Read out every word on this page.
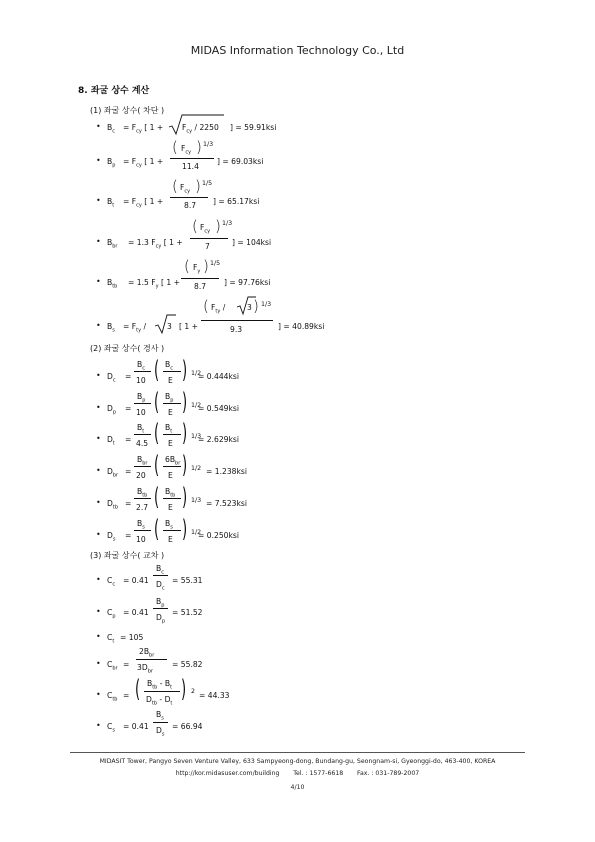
MIDAS Information Technology Co., Ltd
8. 좌굴 상수 계산
(1) 좌굴 상수( 차단 )
• $B_c = F_{cy}$ [ $1 + F_{cy} / 2250$ ] = 59.91ksi
• $B_p = F_{cy}$ [ 1 +
( $F_{cy}$ ) 1/3
11.4
] = 69.03ksi
• $B_t = F_{cy}$ [ 1 +
( $F_{cy}$ ) 1/5
8.7 ] = 65.17ksi
• $B_{br} = 1.3$ $F_{cy}$ [ 1 +
( $F_{cy}$ ) 1/3
7	] = 104ksi
• $B_{tb} = 1.5$ $F_y$ [ 1 +
( $F_y$ ) 1/5
8.7 ] = 97.76ksi
• $B_s = F_{ty}$ /	3 [ 1 +
( $F_{ty}$ /	3 ) 1/3
9.3	] = 40.89ksi
(2) 좌굴 상수( 경사 )
• $D_c$ =
$B_c$
10 ( $B_c$
E ) 1/2
= 0.444ksi
• $D_p$ =
$B_p$
10 ( $B_p$
E ) 1/2
= 0.549ksi
• $D_t$ =
$B_t$
4.5 ( $B_t$
E ) 1/3
= 2.629ksi
• $D_{br}$ =
$B_{br}$
20 ( $6B_{br}$
E ) 1/2 = 1.238ksi
• $D_{tb}$ =
$B_{tb}$
2.7 ( $B_{tb}$
E ) 1/3 = 7.523ksi
• $D_s$ =
$B_s$
10 ( $B_s$
E ) 1/2
= 0.250ksi
(3) 좌굴 상수( 교차 )
• $C_c = 0.41$
$B_c$
$D_c$
= 55.31
• $C_p = 0.41$
$B_p$
$D_p$
= 51.52
• $C_t = 105$
• $C_{br}$ =
$2B_{br}$
$3D_{br}$
= 55.82
• $C_{tb}$ = ( $B_{tb} - B_t$
$D_{tb} - D_t$
) 2 = 44.33
• $C_s = 0.41$
$B_s$
$D_s$
= 66.94
MIDASIT Tower, Pangyo Seven Venture Valley, 633 Sampyeong-dong, Bundang-gu, Seongnam-si, Gyeonggi-do, 463-400, KOREA
http://kor.midasuser.com/building Tel. : 1577-6618 Fax. : 031-789-2007
4/10
